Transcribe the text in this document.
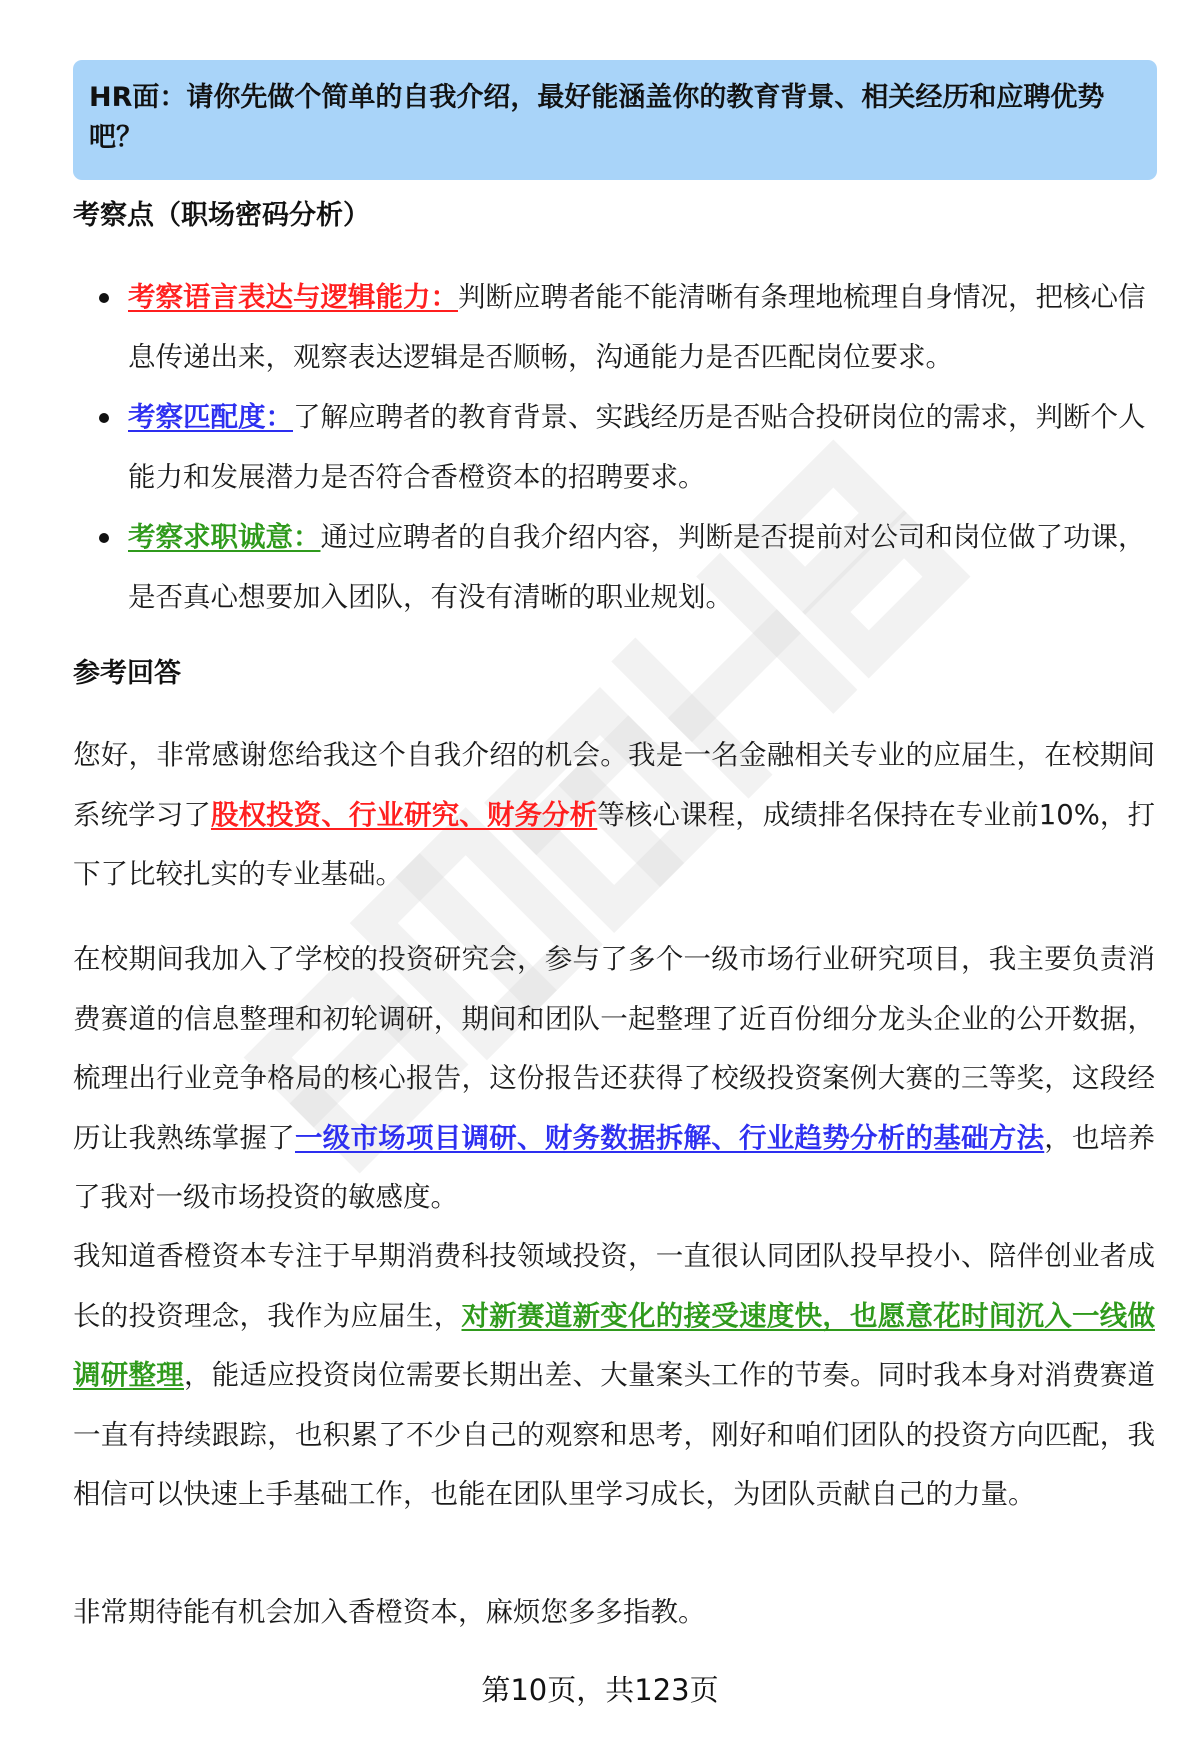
HR面：请你先做个简单的自我介绍，最好能涵盖你的教育背景、相关经历和应聘优势吧？

考察点（职场密码分析）
考察语言表达与逻辑能力：判断应聘者能不能清晰有条理地梳理自身情况，把核心信息传递出来，观察表达逻辑是否顺畅，沟通能力是否匹配岗位要求。
考察匹配度：了解应聘者的教育背景、实践经历是否贴合投研岗位的需求，判断个人能力和发展潜力是否符合香橙资本的招聘要求。
考察求职诚意：通过应聘者的自我介绍内容，判断是否提前对公司和岗位做了功课，是否真心想要加入团队，有没有清晰的职业规划。
参考回答

您好，非常感谢您给我这个自我介绍的机会。我是一名金融相关专业的应届生，在校期间系统学习了股权投资、行业研究、财务分析等核心课程，成绩排名保持在专业前10%，打下了比较扎实的专业基础。

在校期间我加入了学校的投资研究会，参与了多个一级市场行业研究项目，我主要负责消费赛道的信息整理和初轮调研，期间和团队一起整理了近百份细分龙头企业的公开数据，梳理出行业竞争格局的核心报告，这份报告还获得了校级投资案例大赛的三等奖，这段经历让我熟练掌握了一级市场项目调研、财务数据拆解、行业趋势分析的基础方法，也培养了我对一级市场投资的敏感度。

我知道香橙资本专注于早期消费科技领域投资，一直很认同团队投早投小、陪伴创业者成长的投资理念，我作为应届生，对新赛道新变化的接受速度快，也愿意花时间沉入一线做调研整理，能适应投资岗位需要长期出差、大量案头工作的节奏。同时我本身对消费赛道一直有持续跟踪，也积累了不少自己的观察和思考，刚好和咱们团队的投资方向匹配，我相信可以快速上手基础工作，也能在团队里学习成长，为团队贡献自己的力量。

非常期待能有机会加入香橙资本，麻烦您多多指教。

第10页，共123页
